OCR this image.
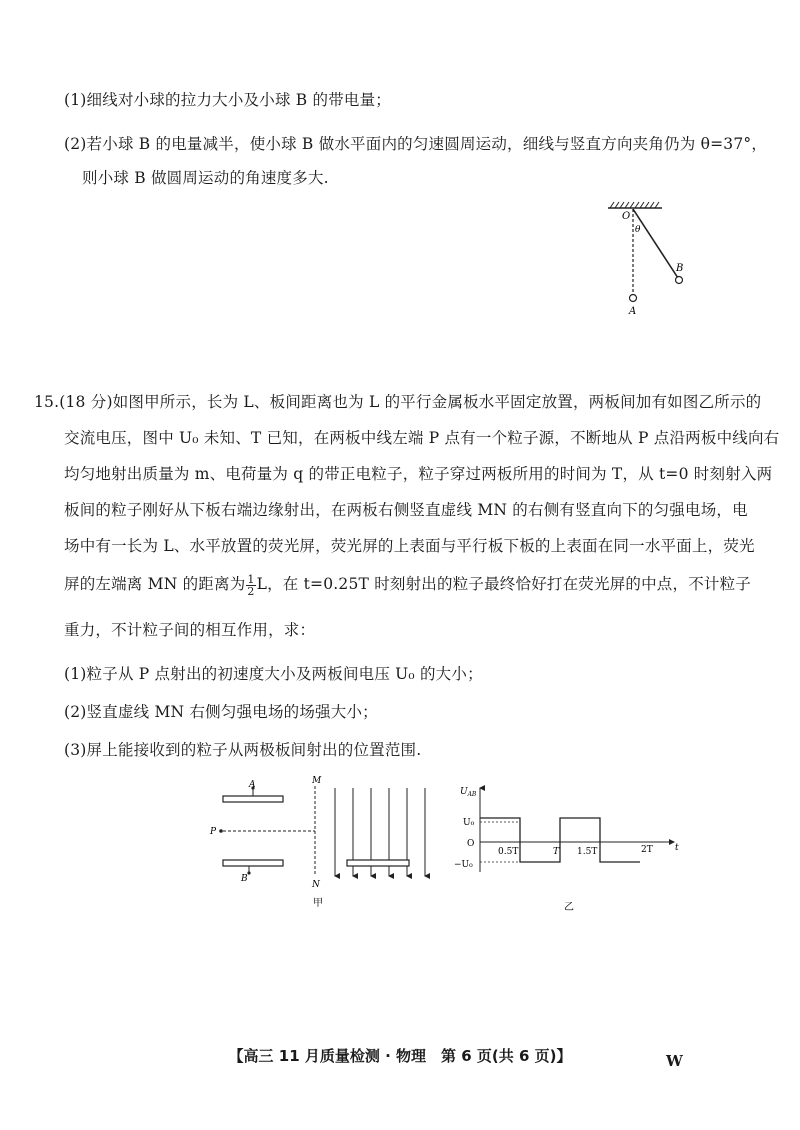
(1)细线对小球的拉力大小及小球 B 的带电量；
(2)若小球 B 的电量减半，使小球 B 做水平面内的匀速圆周运动，细线与竖直方向夹角仍为 θ=37°，
则小球 B 做圆周运动的角速度多大.
O
θ
B
A
15.(18 分)如图甲所示，长为 L、板间距离也为 L 的平行金属板水平固定放置，两板间加有如图乙所示的
交流电压，图中 U₀ 未知、T 已知，在两板中线左端 P 点有一个粒子源，不断地从 P 点沿两板中线向右
均匀地射出质量为 m、电荷量为 q 的带正电粒子，粒子穿过两板所用的时间为 T，从 t=0 时刻射入两
板间的粒子刚好从下板右端边缘射出，在两板右侧竖直虚线 MN 的右侧有竖直向下的匀强电场，电
场中有一长为 L、水平放置的荧光屏，荧光屏的上表面与平行板下板的上表面在同一水平面上，荧光
屏的左端离 MN 的距离为 $\frac{1}{2}$ L，在 t=0.25T 时刻射出的粒子最终恰好打在荧光屏的中点，不计粒子
重力，不计粒子间的相互作用，求：
(1)粒子从 P 点射出的初速度大小及两板间电压 U₀ 的大小；
(2)竖直虚线 MN 右侧匀强电场的场强大小；
(3)屏上能接收到的粒子从两极板间射出的位置范围.
A
B
P
M
N
甲
$U_{AB}$
U₀
O
−U₀
t
0.5T	T 1.5T	2T
乙
【高三 11 月质量检测 · 物理　第 6 页(共 6 页)】	W
